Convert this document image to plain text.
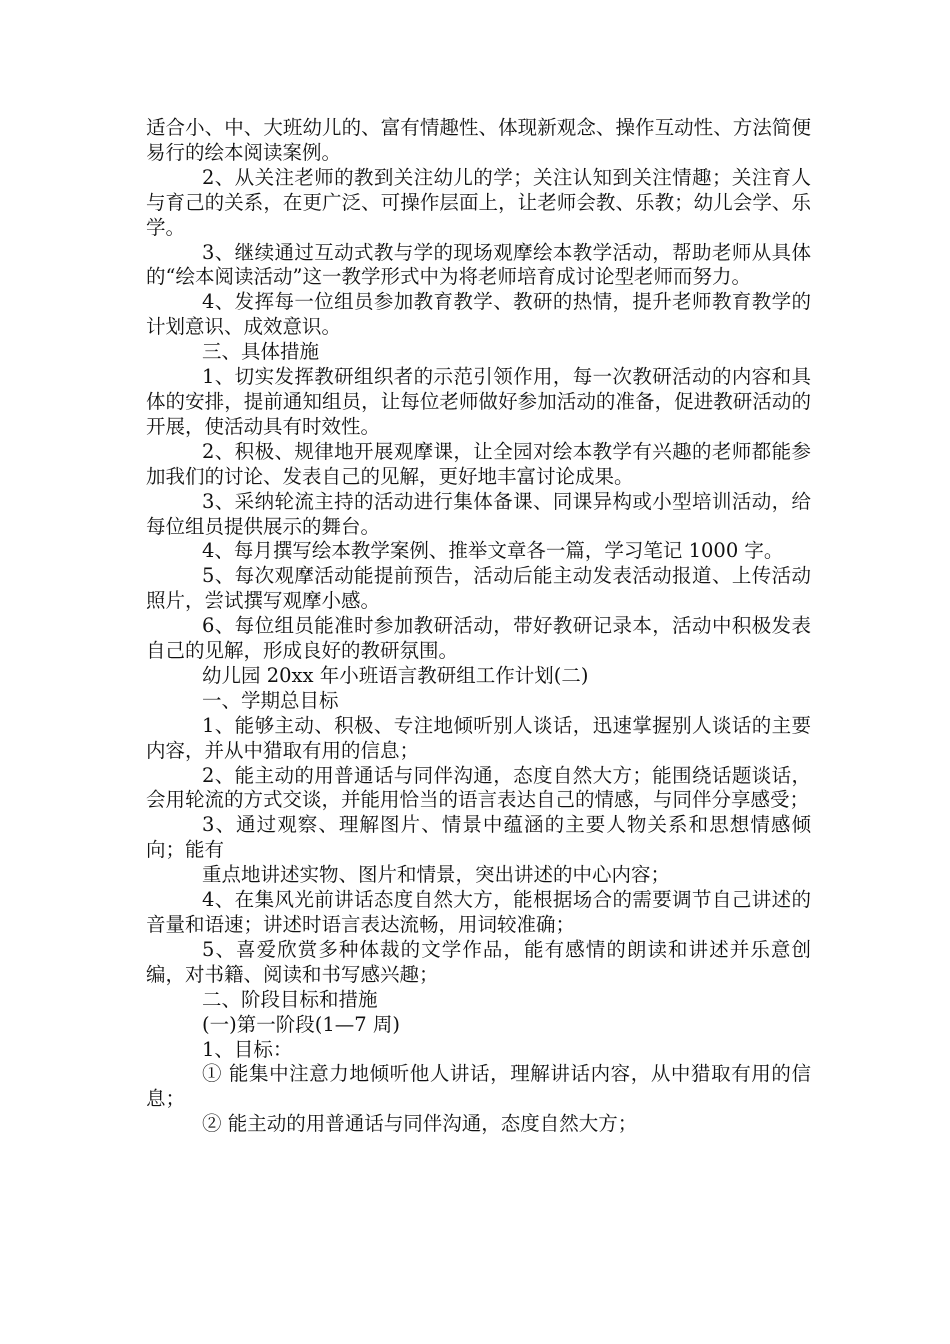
适合小、中、大班幼儿的、富有情趣性、体现新观念、操作互动性、方法简便易行的绘本阅读案例。

2、从关注老师的教到关注幼儿的学；关注认知到关注情趣；关注育人与育己的关系，在更广泛、可操作层面上，让老师会教、乐教；幼儿会学、乐学。

3、继续通过互动式教与学的现场观摩绘本教学活动，帮助老师从具体的“绘本阅读活动”这一教学形式中为将老师培育成讨论型老师而努力。

4、发挥每一位组员参加教育教学、教研的热情，提升老师教育教学的计划意识、成效意识。

三、具体措施

1、切实发挥教研组织者的示范引领作用，每一次教研活动的内容和具体的安排，提前通知组员，让每位老师做好参加活动的准备，促进教研活动的开展，使活动具有时效性。

2、积极、规律地开展观摩课，让全园对绘本教学有兴趣的老师都能参加我们的讨论、发表自己的见解，更好地丰富讨论成果。

3、采纳轮流主持的活动进行集体备课、同课异构或小型培训活动，给每位组员提供展示的舞台。

4、每月撰写绘本教学案例、推举文章各一篇，学习笔记 1000 字。

5、每次观摩活动能提前预告，活动后能主动发表活动报道、上传活动照片，尝试撰写观摩小感。

6、每位组员能准时参加教研活动，带好教研记录本，活动中积极发表自己的见解，形成良好的教研氛围。

幼儿园 20xx 年小班语言教研组工作计划(二)

一、学期总目标

1、能够主动、积极、专注地倾听别人谈话，迅速掌握别人谈话的主要内容，并从中猎取有用的信息；

2、能主动的用普通话与同伴沟通，态度自然大方；能围绕话题谈话，会用轮流的方式交谈，并能用恰当的语言表达自己的情感，与同伴分享感受；

3、通过观察、理解图片、情景中蕴涵的主要人物关系和思想情感倾向；能有

重点地讲述实物、图片和情景，突出讲述的中心内容；

4、在集风光前讲话态度自然大方，能根据场合的需要调节自己讲述的音量和语速；讲述时语言表达流畅，用词较准确；

5、喜爱欣赏多种体裁的文学作品，能有感情的朗读和讲述并乐意创编，对书籍、阅读和书写感兴趣；

二、阶段目标和措施

(一)第一阶段(1—7 周)

1、目标：

① 能集中注意力地倾听他人讲话，理解讲话内容，从中猎取有用的信息；

② 能主动的用普通话与同伴沟通，态度自然大方；
